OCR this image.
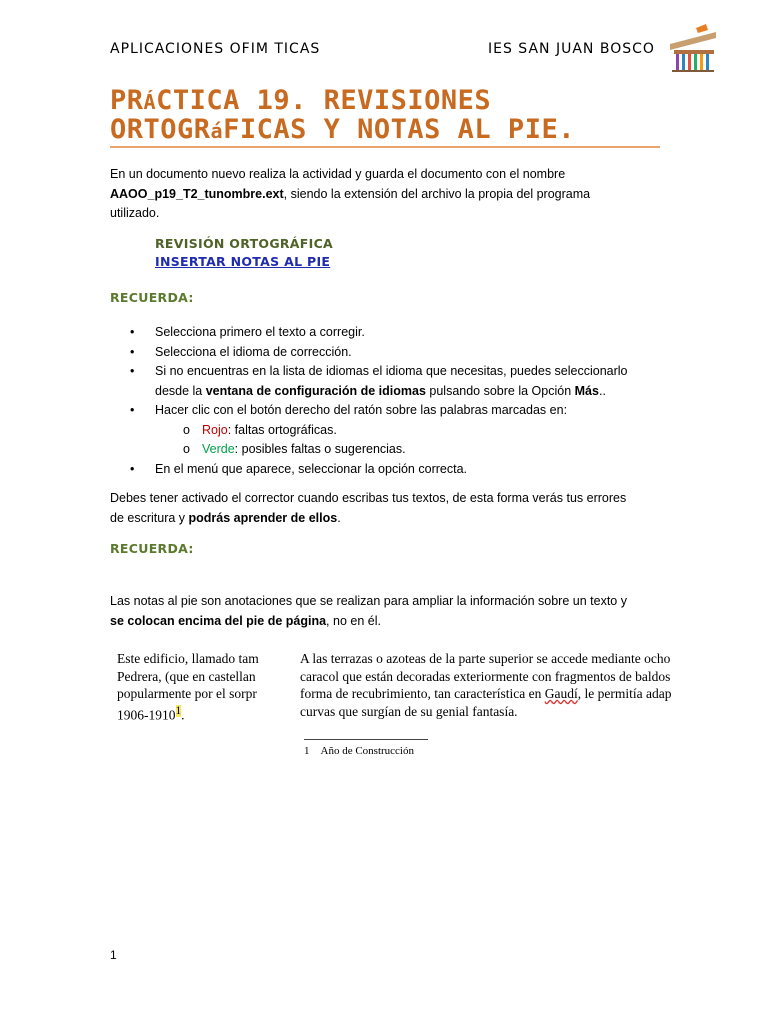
APLICACIONES OFIM TICAS	IES SAN JUAN BOSCO
PRÁCTICA 19. REVISIONES
ORTOGRáFICAS Y NOTAS AL PIE.
En un documento nuevo realiza la actividad y guarda el documento con el nombre
AAOO_p19_T2_tunombre.ext, siendo la extensión del archivo la propia del programa
utilizado.
REVISIÓN ORTOGRÁFICA
INSERTAR NOTAS AL PIE
RECUERDA:
• Selecciona primero el texto a corregir.
• Selecciona el idioma de corrección.
• Si no encuentras en la lista de idiomas el idioma que necesitas, puedes seleccionarlo
desde la ventana de configuración de idiomas pulsando sobre la Opción Más..
• Hacer clic con el botón derecho del ratón sobre las palabras marcadas en:
o Rojo: faltas ortográficas.
o Verde: posibles faltas o sugerencias.
• En el menú que aparece, seleccionar la opción correcta.
Debes tener activado el corrector cuando escribas tus textos, de esta forma verás tus errores
de escritura y podrás aprender de ellos.
RECUERDA:
Las notas al pie son anotaciones que se realizan para ampliar la información sobre un texto y
se colocan encima del pie de página, no en él.
Este edificio, llamado tam
Pedrera, (que en castellan
popularmente por el sorpr
1906-1910$^1$.
A las terrazas o azoteas de la parte superior se accede mediante ocho
caracol que están decoradas exteriormente con fragmentos de baldos
forma de recubrimiento, tan característica en Gaudí, le permitía adap
curvas que surgían de su genial fantasía.
1 Año de Construcción
1
